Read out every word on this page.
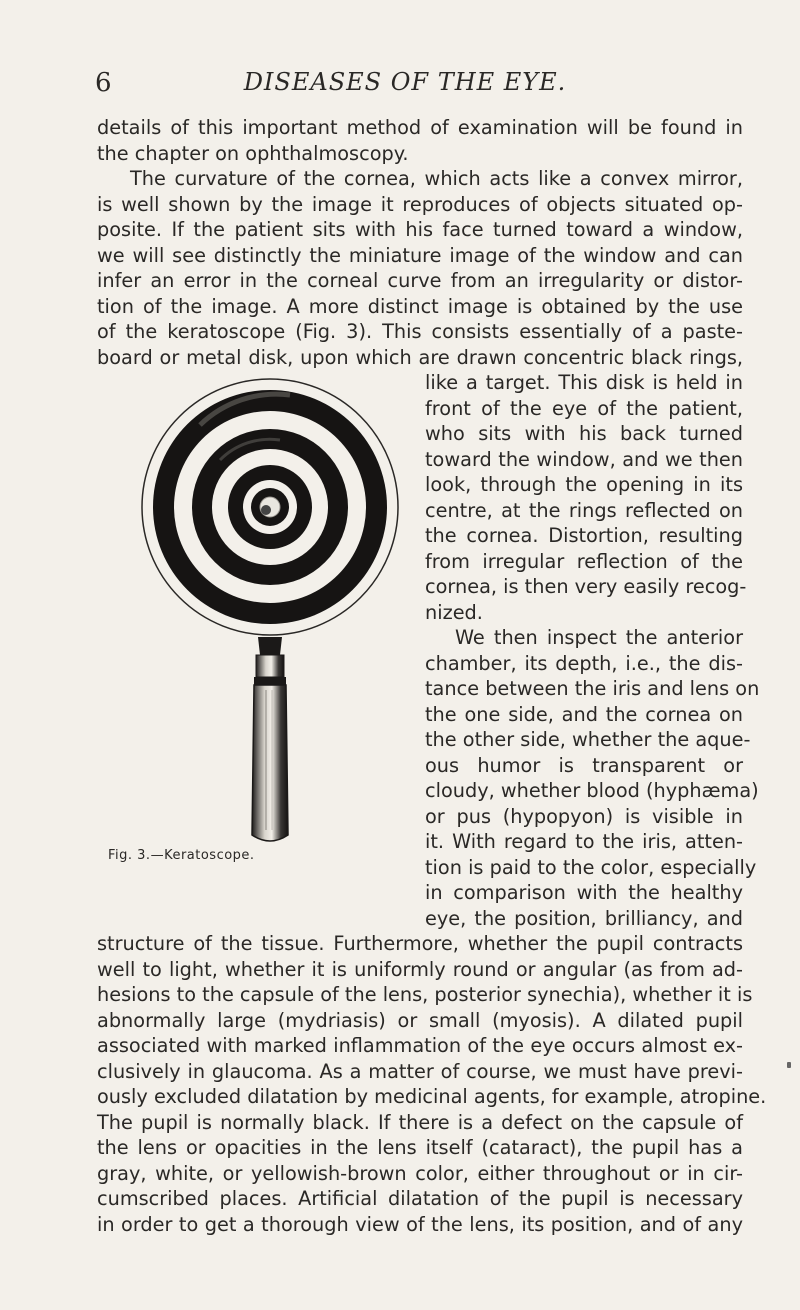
6	DISEASES OF THE EYE.
details of this important method of examination will be found in
the chapter on ophthalmoscopy.
The curvature of the cornea, which acts like a convex mirror,
is well shown by the image it reproduces of objects situated op-
posite. If the patient sits with his face turned toward a window,
we will see distinctly the miniature image of the window and can
infer an error in the corneal curve from an irregularity or distor-
tion of the image. A more distinct image is obtained by the use
of the keratoscope (Fig. 3). This consists essentially of a paste-
board or metal disk, upon which are drawn concentric black rings,
Fig. 3.—Keratoscope.
like a target. This disk is held in
front of the eye of the patient,
who sits with his back turned
toward the window, and we then
look, through the opening in its
centre, at the rings reflected on
the cornea. Distortion, resulting
from irregular reflection of the
cornea, is then very easily recog-
nized.
We then inspect the anterior
chamber, its depth, i.e., the dis-
tance between the iris and lens on
the one side, and the cornea on
the other side, whether the aque-
ous humor is transparent or
cloudy, whether blood (hyphæma)
or pus (hypopyon) is visible in
it. With regard to the iris, atten-
tion is paid to the color, especially
in comparison with the healthy
eye, the position, brilliancy, and
structure of the tissue. Furthermore, whether the pupil contracts
well to light, whether it is uniformly round or angular (as from ad-
hesions to the capsule of the lens, posterior synechia), whether it is
abnormally large (mydriasis) or small (myosis). A dilated pupil
associated with marked inflammation of the eye occurs almost ex-
clusively in glaucoma. As a matter of course, we must have previ-
ously excluded dilatation by medicinal agents, for example, atropine.
The pupil is normally black. If there is a defect on the capsule of
the lens or opacities in the lens itself (cataract), the pupil has a
gray, white, or yellowish-brown color, either throughout or in cir-
cumscribed places. Artificial dilatation of the pupil is necessary
in order to get a thorough view of the lens, its position, and of any
